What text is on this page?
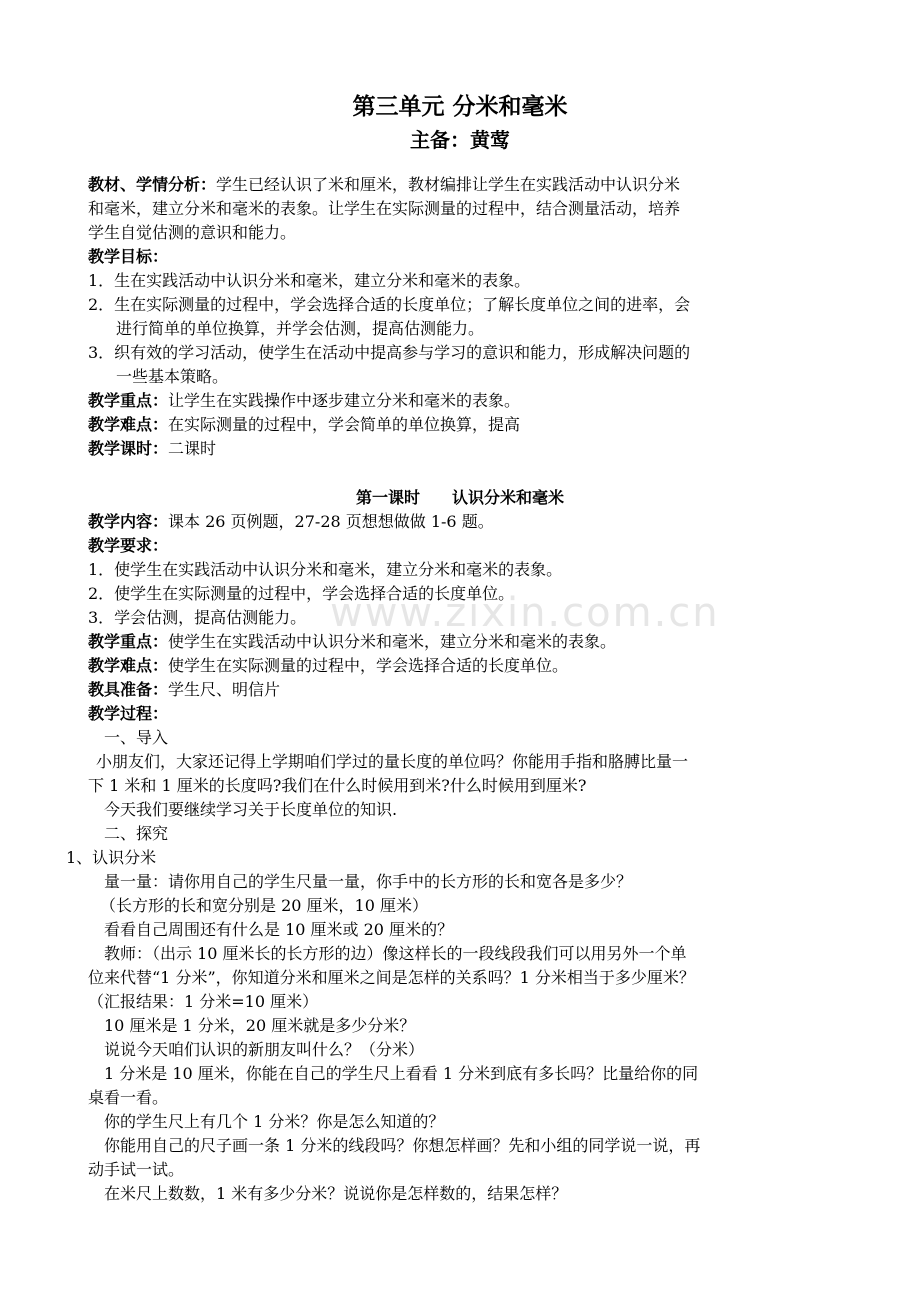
www.zixin.com.cn
第三单元 分米和毫米
主备：黄莺
教材、学情分析：学生已经认识了米和厘米，教材编排让学生在实践活动中认识分米
和毫米，建立分米和毫米的表象。让学生在实际测量的过程中，结合测量活动，培养
学生自觉估测的意识和能力。
教学目标：
1．生在实践活动中认识分米和毫米，建立分米和毫米的表象。
2．生在实际测量的过程中，学会选择合适的长度单位；了解长度单位之间的进率，会
进行简单的单位换算，并学会估测，提高估测能力。
3．织有效的学习活动，使学生在活动中提高参与学习的意识和能力，形成解决问题的
一些基本策略。
教学重点：让学生在实践操作中逐步建立分米和毫米的表象。
教学难点：在实际测量的过程中，学会简单的单位换算，提高
教学课时：二课时
第一课时　　认识分米和毫米
教学内容：课本 26 页例题，27-28 页想想做做 1-6 题。
教学要求：
1．使学生在实践活动中认识分米和毫米，建立分米和毫米的表象。
2．使学生在实际测量的过程中，学会选择合适的长度单位。
3．学会估测，提高估测能力。
教学重点：使学生在实践活动中认识分米和毫米，建立分米和毫米的表象。
教学难点：使学生在实际测量的过程中，学会选择合适的长度单位。
教具准备：学生尺、明信片
教学过程：
一、导入
小朋友们，大家还记得上学期咱们学过的量长度的单位吗？你能用手指和胳膊比量一
下 1 米和 1 厘米的长度吗?我们在什么时候用到米?什么时候用到厘米?
今天我们要继续学习关于长度单位的知识.
二、探究
1、认识分米
量一量：请你用自己的学生尺量一量，你手中的长方形的长和宽各是多少？
（长方形的长和宽分别是 20 厘米，10 厘米）
看看自己周围还有什么是 10 厘米或 20 厘米的？
教师：（出示 10 厘米长的长方形的边）像这样长的一段线段我们可以用另外一个单
位来代替“1 分米”，你知道分米和厘米之间是怎样的关系吗？1 分米相当于多少厘米？
（汇报结果：1 分米=10 厘米）
10 厘米是 1 分米，20 厘米就是多少分米？
说说今天咱们认识的新朋友叫什么？（分米）
1 分米是 10 厘米，你能在自己的学生尺上看看 1 分米到底有多长吗？比量给你的同
桌看一看。
你的学生尺上有几个 1 分米？你是怎么知道的？
你能用自己的尺子画一条 1 分米的线段吗？你想怎样画？先和小组的同学说一说，再
动手试一试。
在米尺上数数，1 米有多少分米？说说你是怎样数的，结果怎样？
